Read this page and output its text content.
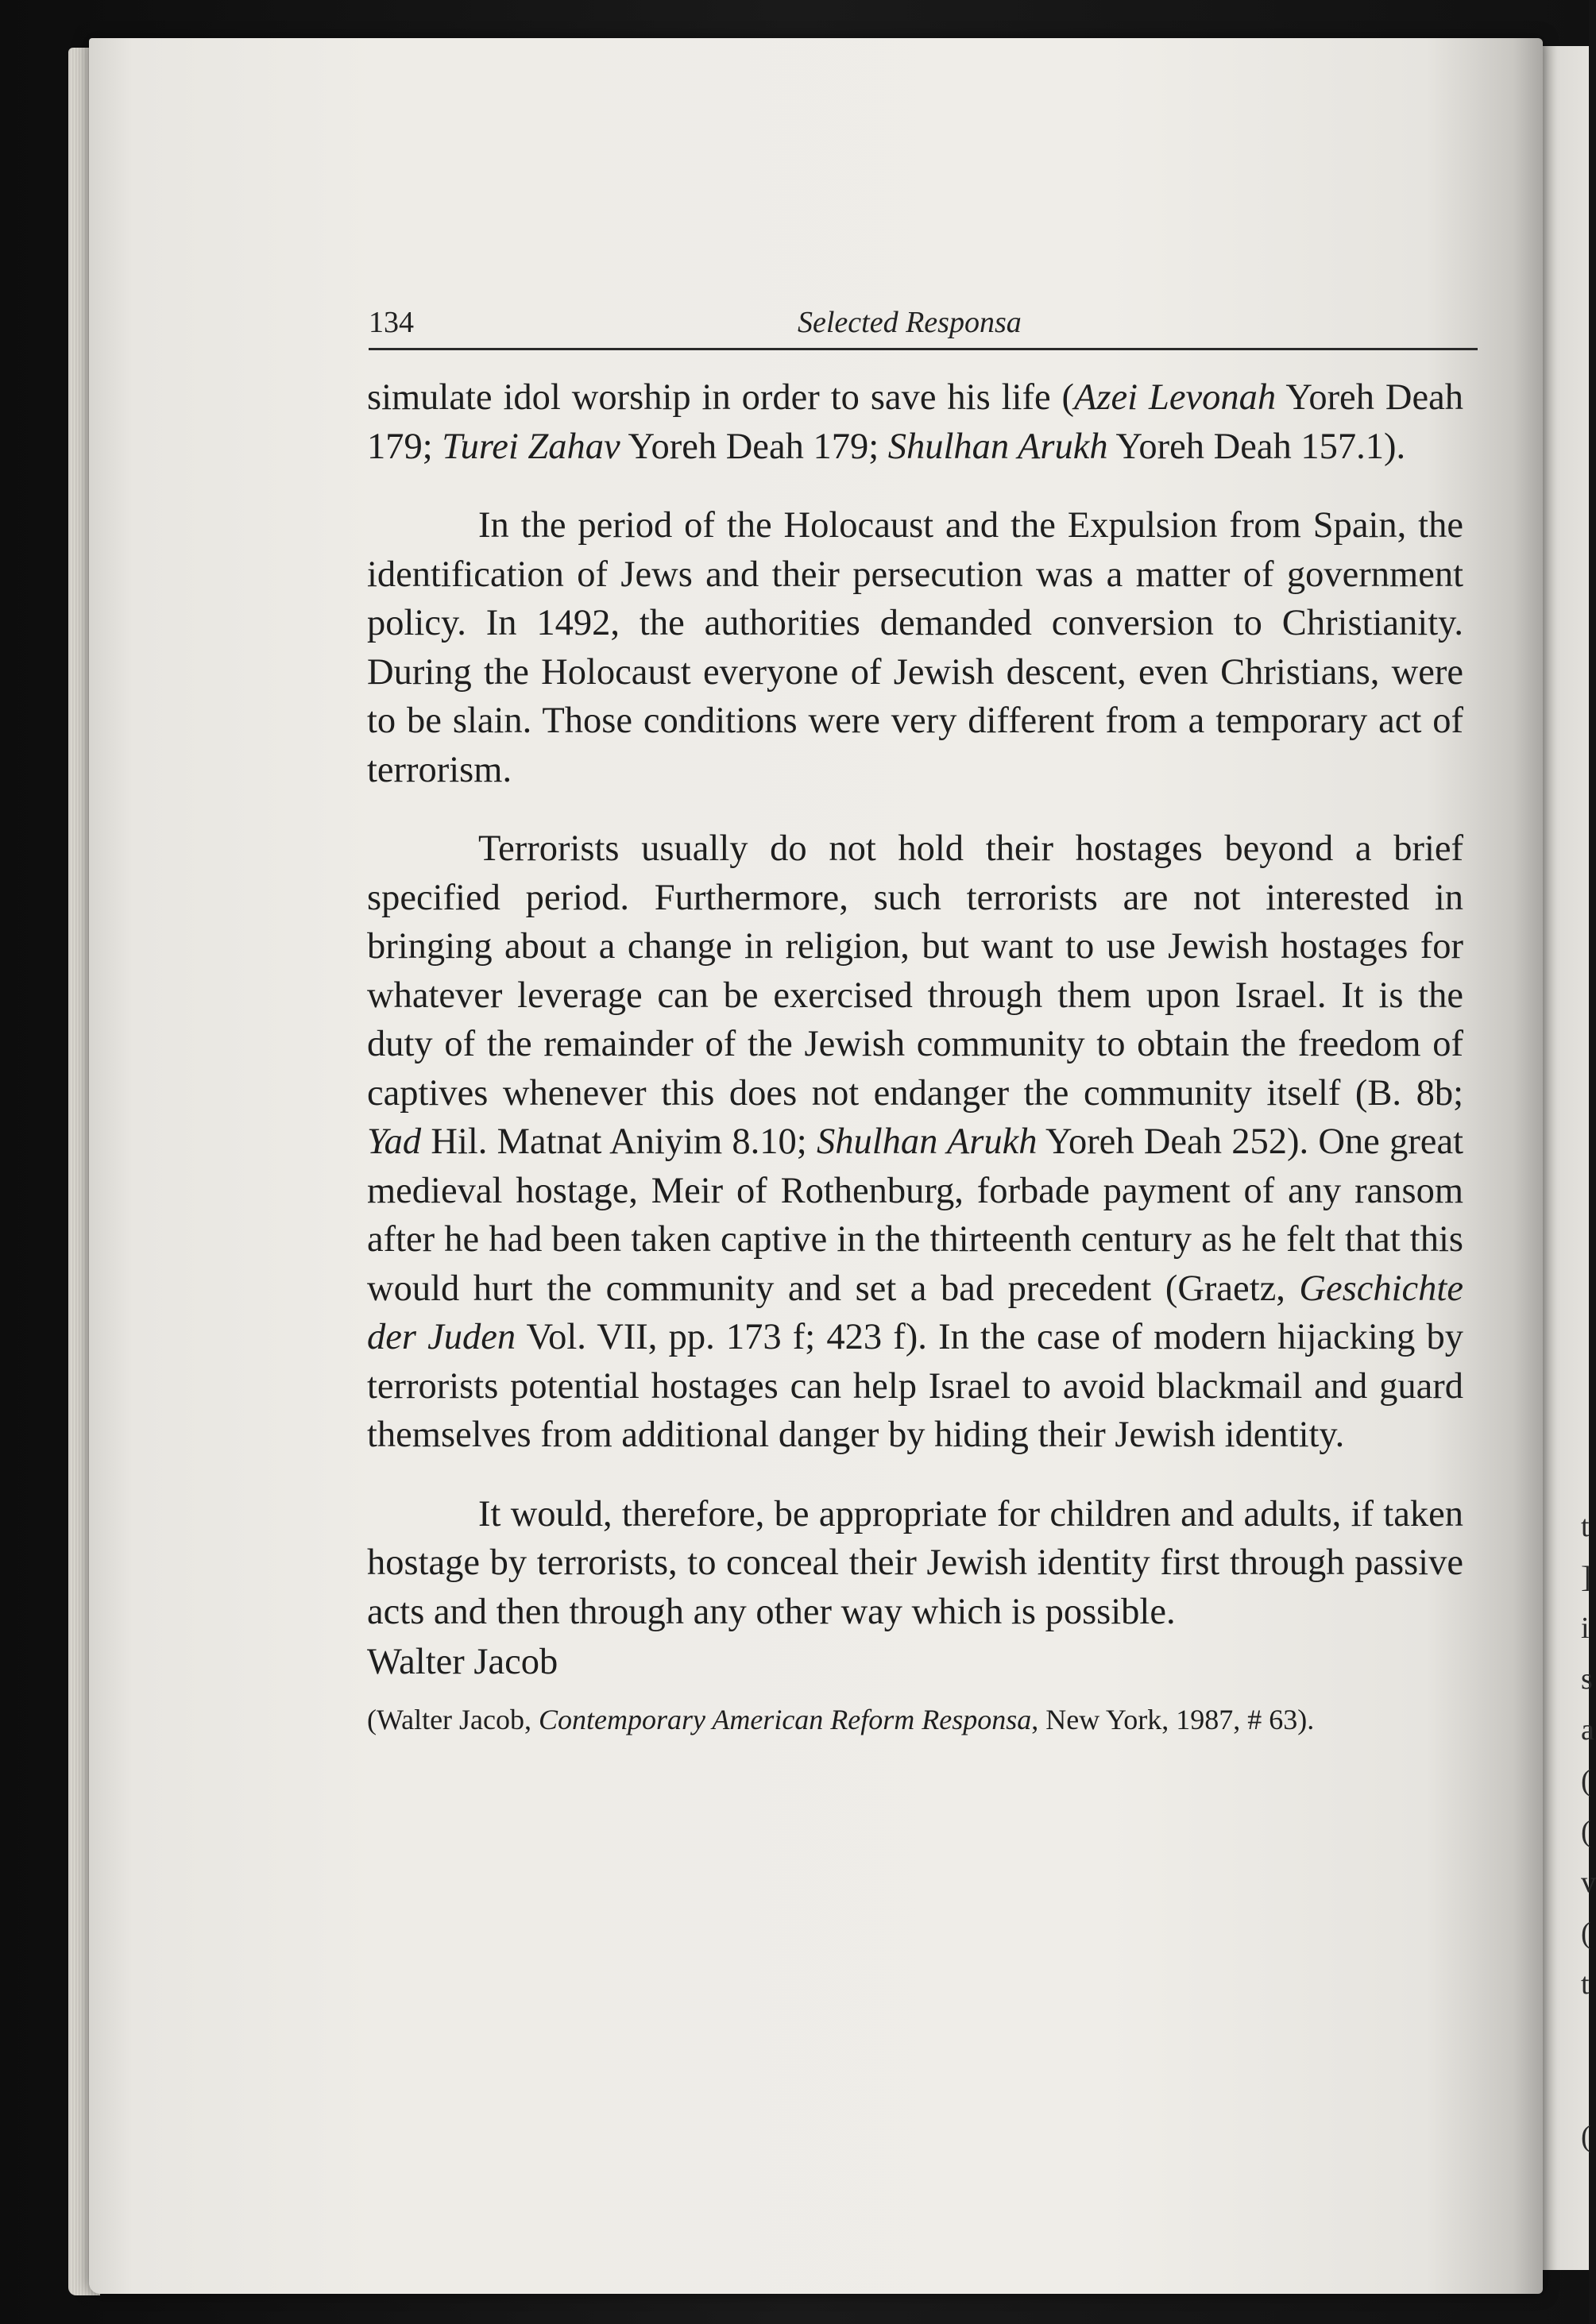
t
]
i
s
a
(
(
v
(
t

(
134	Selected Responsa

simulate idol worship in order to save his life (Azei Levonah Yoreh Deah 179; Turei Zahav Yoreh Deah 179; Shulhan Arukh Yoreh Deah 157.1).

In the period of the Holocaust and the Expulsion from Spain, the identification of Jews and their persecution was a matter of government policy. In 1492, the authorities demanded conversion to Christianity. During the Holocaust everyone of Jewish descent, even Christians, were to be slain. Those conditions were very different from a temporary act of terrorism.

Terrorists usually do not hold their hostages beyond a brief specified period. Furthermore, such terrorists are not interested in bringing about a change in religion, but want to use Jewish hostages for whatever leverage can be exercised through them upon Israel. It is the duty of the remainder of the Jewish community to obtain the freedom of captives whenever this does not endanger the community itself (B. 8b; Yad Hil. Matnat Aniyim 8.10; Shulhan Arukh Yoreh Deah 252). One great medieval hostage, Meir of Rothenburg, forbade payment of any ransom after he had been taken captive in the thirteenth century as he felt that this would hurt the community and set a bad precedent (Graetz, Geschichte der Juden Vol. VII, pp. 173 f; 423 f). In the case of modern hijacking by terrorists potential hostages can help Israel to avoid blackmail and guard themselves from additional danger by hiding their Jewish identity.

It would, therefore, be appropriate for children and adults, if taken hostage by terrorists, to conceal their Jewish identity first through passive acts and then through any other way which is possible.

Walter Jacob
(Walter Jacob, Contemporary American Reform Responsa, New York, 1987, # 63).
